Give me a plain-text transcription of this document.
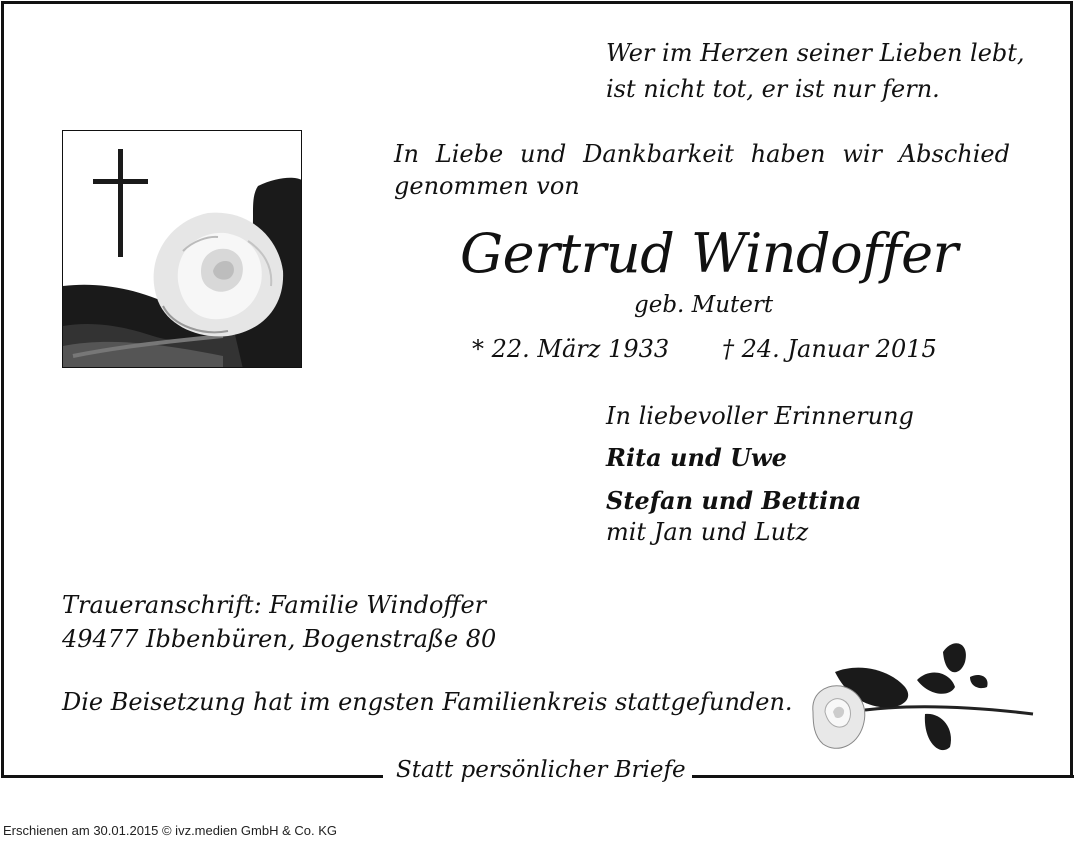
Wer im Herzen seiner Lieben lebt,
ist nicht tot, er ist nur fern.
In Liebe und Dankbarkeit haben wir Abschied genommen von
Gertrud Windoffer
geb. Mutert
* 22. März 1933 † 24. Januar 2015
In liebevoller Erinnerung
Rita und Uwe
Stefan und Bettina
mit Jan und Lutz
Traueranschrift: Familie Windoffer
49477 Ibbenbüren, Bogenstraße 80
Die Beisetzung hat im engsten Familienkreis stattgefunden.
Statt persönlicher Briefe
Erschienen am 30.01.2015 © ivz.medien GmbH & Co. KG
